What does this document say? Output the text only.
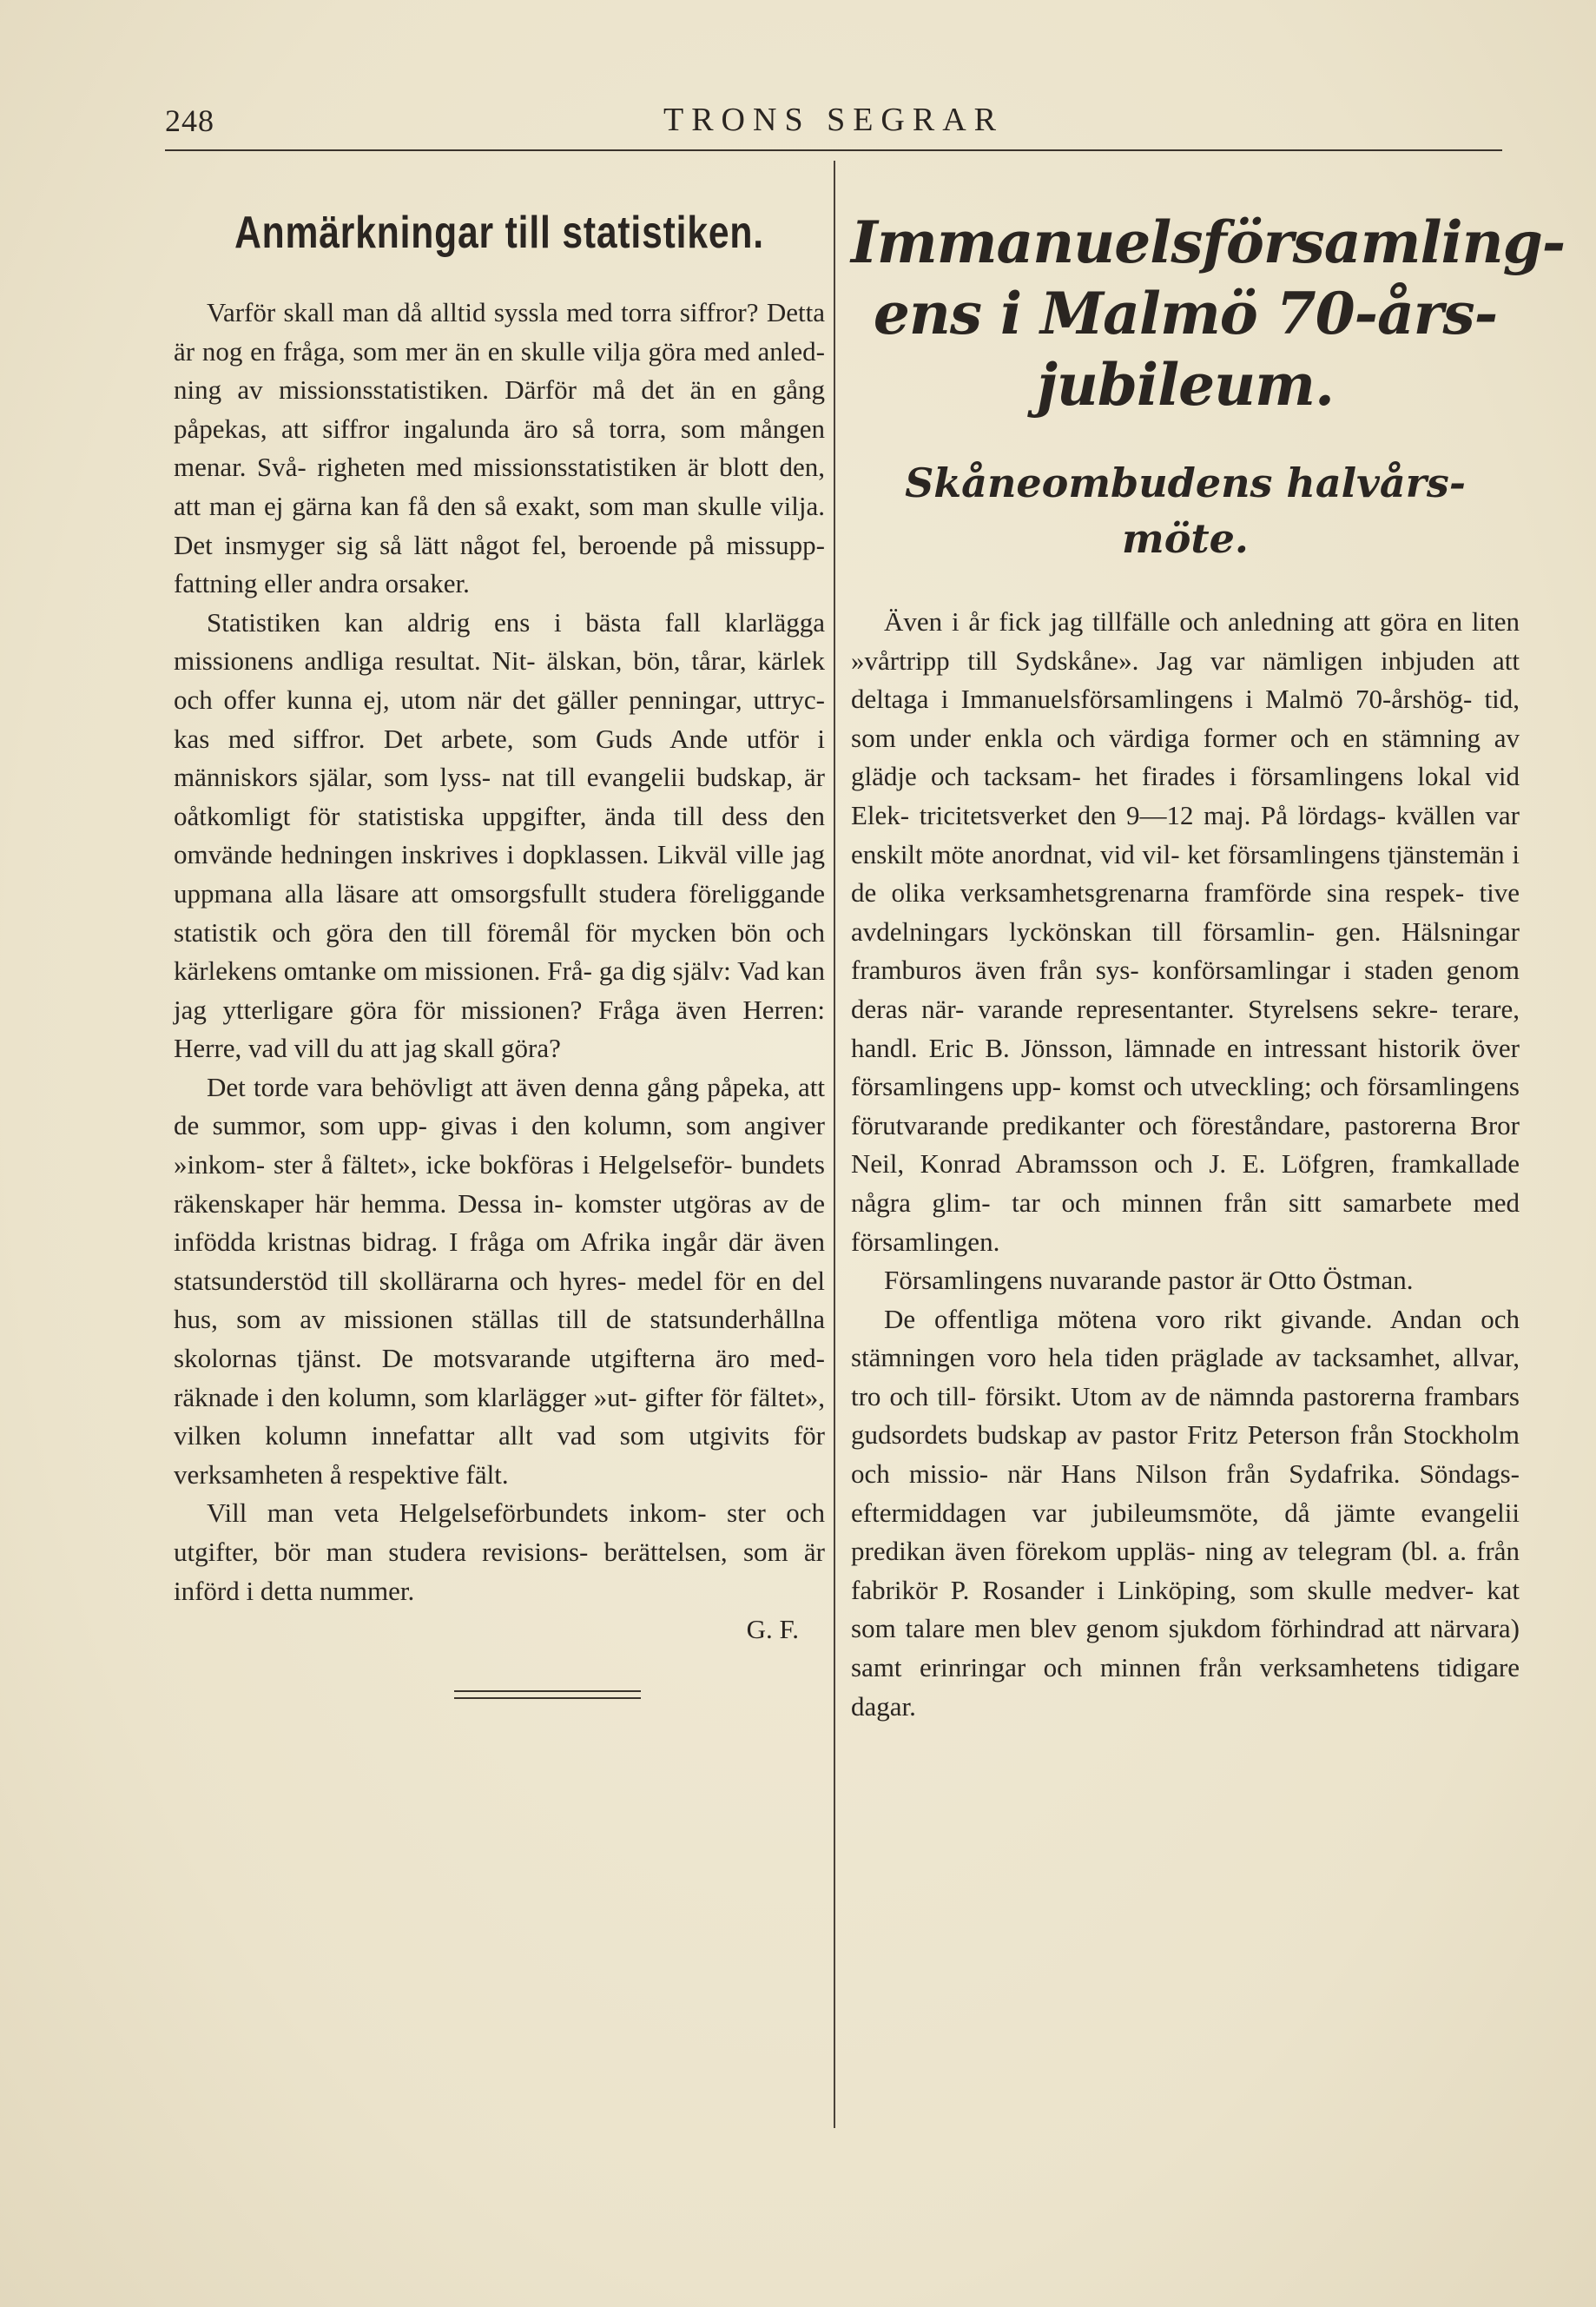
248	TRONS SEGRAR
Anmärkningar till statistiken.

Varför skall man då alltid syssla med torra siffror? Detta är nog en fråga, som mer än en skulle vilja göra med anled- ning av missionsstatistiken. Därför må det än en gång påpekas, att siffror ingalunda äro så torra, som mången menar. Svå- righeten med missionsstatistiken är blott den, att man ej gärna kan få den så exakt, som man skulle vilja. Det insmyger sig så lätt något fel, beroende på missupp- fattning eller andra orsaker.

Statistiken kan aldrig ens i bästa fall klarlägga missionens andliga resultat. Nit- älskan, bön, tårar, kärlek och offer kunna ej, utom när det gäller penningar, uttryc- kas med siffror. Det arbete, som Guds Ande utför i människors själar, som lyss- nat till evangelii budskap, är oåtkomligt för statistiska uppgifter, ända till dess den omvände hedningen inskrives i dopklassen. Likväl ville jag uppmana alla läsare att omsorgsfullt studera föreliggande statistik och göra den till föremål för mycken bön och kärlekens omtanke om missionen. Frå- ga dig själv: Vad kan jag ytterligare göra för missionen? Fråga även Herren: Herre, vad vill du att jag skall göra?

Det torde vara behövligt att även denna gång påpeka, att de summor, som upp- givas i den kolumn, som angiver »inkom- ster å fältet», icke bokföras i Helgelseför- bundets räkenskaper här hemma. Dessa in- komster utgöras av de infödda kristnas bidrag. I fråga om Afrika ingår där även statsunderstöd till skollärarna och hyres- medel för en del hus, som av missionen ställas till de statsunderhållna skolornas tjänst. De motsvarande utgifterna äro med- räknade i den kolumn, som klarlägger »ut- gifter för fältet», vilken kolumn innefattar allt vad som utgivits för verksamheten å respektive fält.

Vill man veta Helgelseförbundets inkom- ster och utgifter, bör man studera revisions- berättelsen, som är införd i detta nummer.

G. F.
Immanuelsförsamling- ens i Malmö 70-års- jubileum.
Skåneombudens halvårs- möte.

Även i år fick jag tillfälle och anledning att göra en liten »vårtripp till Sydskåne». Jag var nämligen inbjuden att deltaga i Immanuelsförsamlingens i Malmö 70-årshög- tid, som under enkla och värdiga former och en stämning av glädje och tacksam- het firades i församlingens lokal vid Elek- tricitetsverket den 9—12 maj. På lördags- kvällen var enskilt möte anordnat, vid vil- ket församlingens tjänstemän i de olika verksamhetsgrenarna framförde sina respek- tive avdelningars lyckönskan till församlin- gen. Hälsningar framburos även från sys- konförsamlingar i staden genom deras när- varande representanter. Styrelsens sekre- terare, handl. Eric B. Jönsson, lämnade en intressant historik över församlingens upp- komst och utveckling; och församlingens förutvarande predikanter och föreståndare, pastorerna Bror Neil, Konrad Abramsson och J. E. Löfgren, framkallade några glim- tar och minnen från sitt samarbete med församlingen.

Församlingens nuvarande pastor är Otto Östman.

De offentliga mötena voro rikt givande. Andan och stämningen voro hela tiden präglade av tacksamhet, allvar, tro och till- försikt. Utom av de nämnda pastorerna frambars gudsordets budskap av pastor Fritz Peterson från Stockholm och missio- när Hans Nilson från Sydafrika. Söndags- eftermiddagen var jubileumsmöte, då jämte evangelii predikan även förekom uppläs- ning av telegram (bl. a. från fabrikör P. Rosander i Linköping, som skulle medver- kat som talare men blev genom sjukdom förhindrad att närvara) samt erinringar och minnen från verksamhetens tidigare dagar.
